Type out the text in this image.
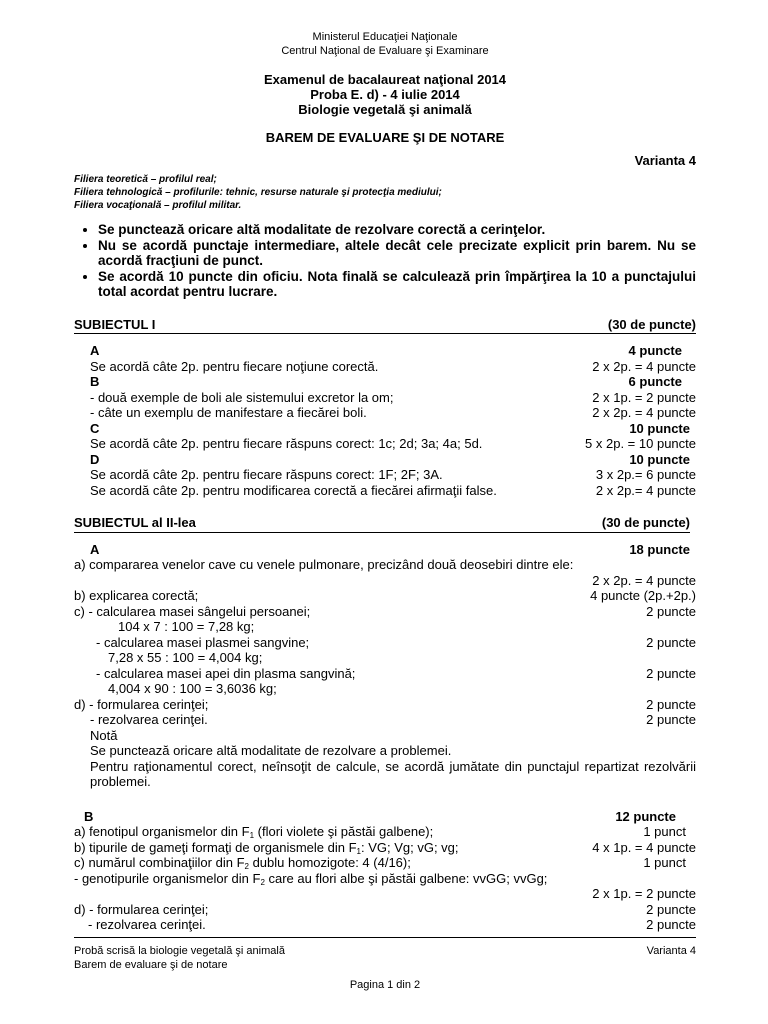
Ministerul Educaţiei Naţionale
Centrul Naţional de Evaluare şi Examinare
Examenul de bacalaureat naţional 2014
Proba E. d) - 4 iulie 2014
Biologie vegetală şi animală
BAREM DE EVALUARE ŞI DE NOTARE
Varianta 4
Filiera teoretică – profilul real;
Filiera tehnologică – profilurile: tehnic, resurse naturale şi protecţia mediului;
Filiera vocaţională – profilul militar.
• Se punctează oricare altă modalitate de rezolvare corectă a cerinţelor.
• Nu se acordă punctaje intermediare, altele decât cele precizate explicit prin barem. Nu se acordă fracţiuni de punct.
• Se acordă 10 puncte din oficiu. Nota finală se calculează prin împărţirea la 10 a punctajului total acordat pentru lucrare.
SUBIECTUL I	(30 de puncte)
A	4 puncte
Se acordă câte 2p. pentru fiecare noţiune corectă.	2 x 2p. = 4 puncte
B	6 puncte
- două exemple de boli ale sistemului excretor la om;	2 x 1p. = 2 puncte
- câte un exemplu de manifestare a fiecărei boli.	2 x 2p. = 4 puncte
C	10 puncte
Se acordă câte 2p. pentru fiecare răspuns corect: 1c; 2d; 3a; 4a; 5d.	5 x 2p. = 10 puncte
D	10 puncte
Se acordă câte 2p. pentru fiecare răspuns corect: 1F; 2F; 3A.	3 x 2p.= 6 puncte
Se acordă câte 2p. pentru modificarea corectă a fiecărei afirmaţii false.	2 x 2p.= 4 puncte
SUBIECTUL al II-lea	(30 de puncte)
A	18 puncte
a) compararea venelor cave cu venele pulmonare, precizând două deosebiri dintre ele:
2 x 2p. = 4 puncte
b) explicarea corectă;	4 puncte (2p.+2p.)
c) - calcularea masei sângelui persoanei;	2 puncte
104 x 7 : 100 = 7,28 kg;
- calcularea masei plasmei sangvine;	2 puncte
7,28 x 55 : 100 = 4,004 kg;
- calcularea masei apei din plasma sangvină;	2 puncte
4,004 x 90 : 100 = 3,6036 kg;
d) - formularea cerinţei;	2 puncte
- rezolvarea cerinţei.	2 puncte
Notă
Se punctează oricare altă modalitate de rezolvare a problemei.
Pentru raţionamentul corect, neînsoţit de calcule, se acordă jumătate din punctajul repartizat rezolvării problemei.
B	12 puncte
a) fenotipul organismelor din $F_1$ (flori violete şi păstăi galbene);	1 punct
b) tipurile de gameţi formaţi de organismele din $F_1$: VG; Vg; vG; vg;	4 x 1p. = 4 puncte
c) numărul combinaţiilor din $F_2$ dublu homozigote: 4 (4/16);	1 punct
- genotipurile organismelor din $F_2$ care au flori albe şi păstăi galbene: vvGG; vvGg;
2 x 1p. = 2 puncte
d) - formularea cerinţei;	2 puncte
- rezolvarea cerinţei.	2 puncte
Probă scrisă la biologie vegetală şi animală	Varianta 4
Barem de evaluare şi de notare
Pagina 1 din 2
